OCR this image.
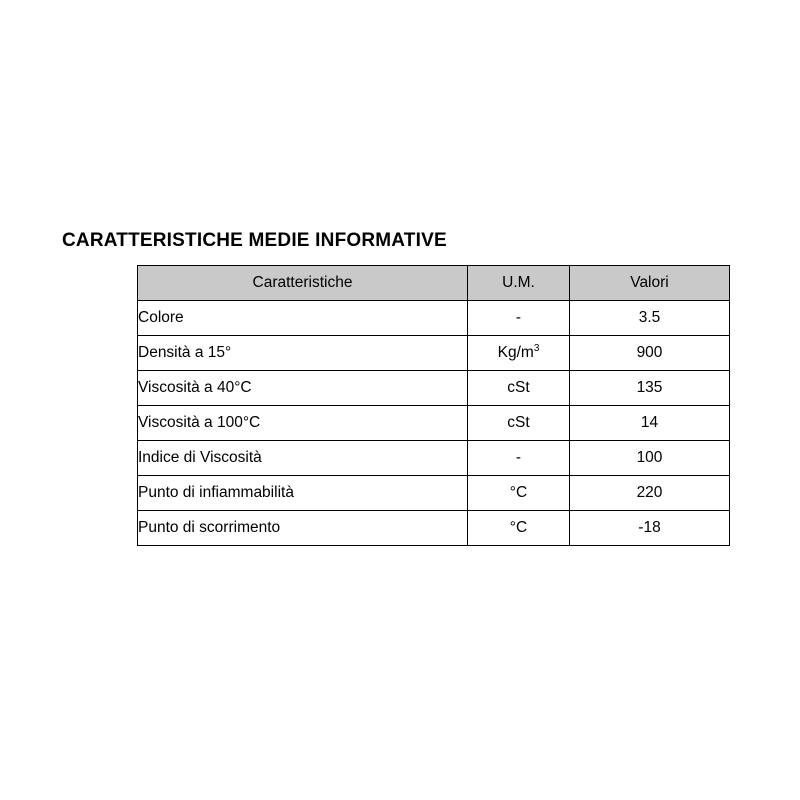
CARATTERISTICHE MEDIE INFORMATIVE
Caratteristiche	U.M.	Valori
Colore	-	3.5
Densità a 15°	$Kg/m^3$	900
Viscosità a 40°C	cSt	135
Viscosità a 100°C	cSt	14
Indice di Viscosità	-	100
Punto di infiammabilità	°C	220
Punto di scorrimento	°C	-18
